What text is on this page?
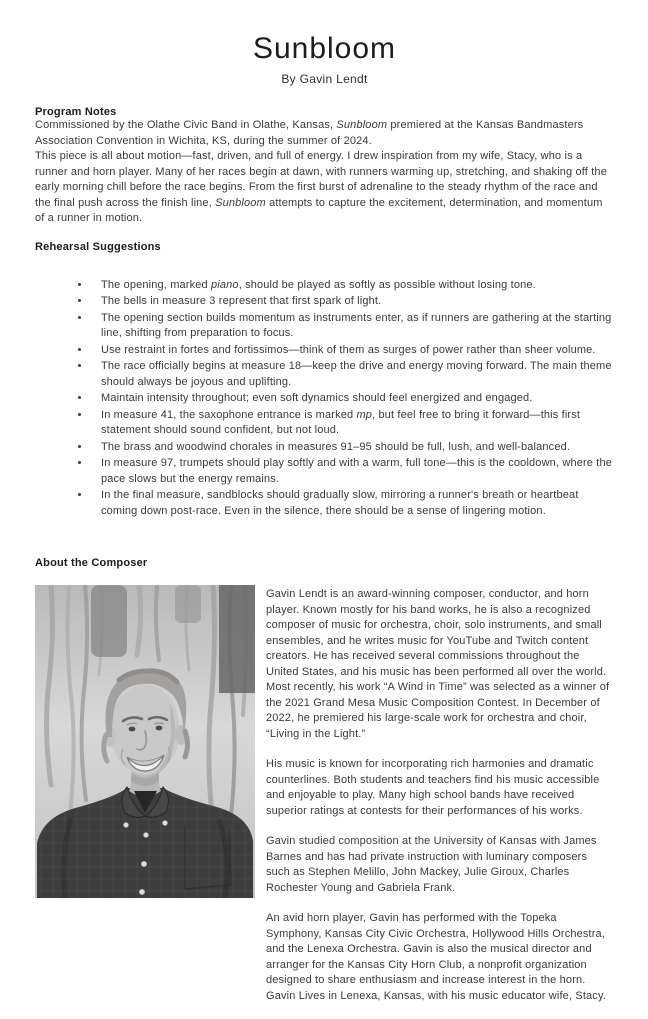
Sunbloom
By Gavin Lendt
Program Notes

Commissioned by the Olathe Civic Band in Olathe, Kansas, Sunbloom premiered at the Kansas Bandmasters Association Convention in Wichita, KS, during the summer of 2024.

This piece is all about motion—fast, driven, and full of energy. I drew inspiration from my wife, Stacy, who is a runner and horn player. Many of her races begin at dawn, with runners warming up, stretching, and shaking off the early morning chill before the race begins. From the first burst of adrenaline to the steady rhythm of the race and the final push across the finish line, Sunbloom attempts to capture the excitement, determination, and momentum of a runner in motion.

Rehearsal Suggestions
• The opening, marked piano, should be played as softly as possible without losing tone.
• The bells in measure 3 represent that first spark of light.
• The opening section builds momentum as instruments enter, as if runners are gathering at the starting line, shifting from preparation to focus.
• Use restraint in fortes and fortissimos—think of them as surges of power rather than sheer volume.
• The race officially begins at measure 18—keep the drive and energy moving forward. The main theme should always be joyous and uplifting.
• Maintain intensity throughout; even soft dynamics should feel energized and engaged.
• In measure 41, the saxophone entrance is marked mp, but feel free to bring it forward—this first statement should sound confident, but not loud.
• The brass and woodwind chorales in measures 91–95 should be full, lush, and well-balanced.
• In measure 97, trumpets should play softly and with a warm, full tone—this is the cooldown, where the pace slows but the energy remains.
• In the final measure, sandblocks should gradually slow, mirroring a runner's breath or heartbeat coming down post-race. Even in the silence, there should be a sense of lingering motion.
About the Composer

Gavin Lendt is an award-winning composer, conductor, and horn player. Known mostly for his band works, he is also a recognized composer of music for orchestra, choir, solo instruments, and small ensembles, and he writes music for YouTube and Twitch content creators. He has received several commissions throughout the United States, and his music has been performed all over the world. Most recently, his work “A Wind in Time” was selected as a winner of the 2021 Grand Mesa Music Composition Contest. In December of 2022, he premiered his large-scale work for orchestra and choir, “Living in the Light.”

His music is known for incorporating rich harmonies and dramatic counterlines. Both students and teachers find his music accessible and enjoyable to play. Many high school bands have received superior ratings at contests for their performances of his works.

Gavin studied composition at the University of Kansas with James Barnes and has had private instruction with luminary composers such as Stephen Melillo, John Mackey, Julie Giroux, Charles Rochester Young and Gabriela Frank.

An avid horn player, Gavin has performed with the Topeka Symphony, Kansas City Civic Orchestra, Hollywood Hills Orchestra, and the Lenexa Orchestra. Gavin is also the musical director and arranger for the Kansas City Horn Club, a nonprofit organization designed to share enthusiasm and increase interest in the horn. Gavin Lives in Lenexa, Kansas, with his music educator wife, Stacy.
